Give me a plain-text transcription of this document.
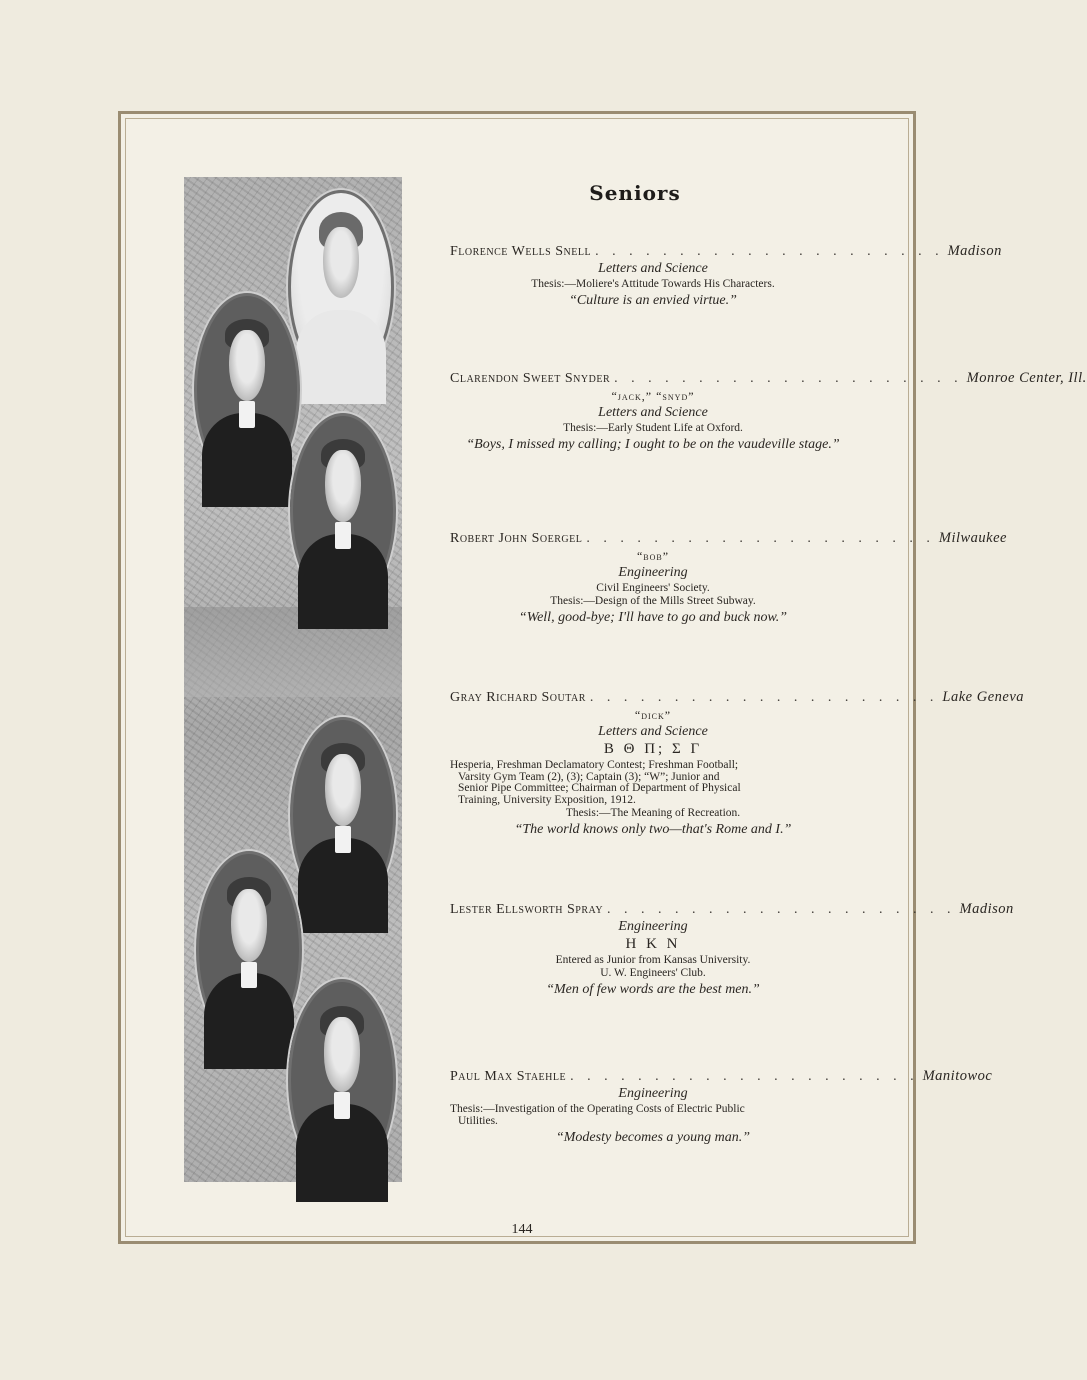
Seniors
Florence Wells Snell . . . . . . . . . . . . . . . . . . . . . Madison
Letters and Science
Thesis:—Moliere's Attitude Towards His Characters.
“Culture is an envied virtue.”
Clarendon Sweet Snyder . . . . . . . . . . . . . . . . . . . . . Monroe Center, Ill.
“jack,” “snyd”
Letters and Science
Thesis:—Early Student Life at Oxford.
“Boys, I missed my calling; I ought to be on the vaudeville stage.”
Robert John Soergel . . . . . . . . . . . . . . . . . . . . . Milwaukee
“bob”
Engineering
Civil Engineers' Society.
Thesis:—Design of the Mills Street Subway.
“Well, good-bye; I'll have to go and buck now.”
Gray Richard Soutar . . . . . . . . . . . . . . . . . . . . . Lake Geneva
“dick”
Letters and Science
Β Θ Π; Σ Γ
Hesperia, Freshman Declamatory Contest; Freshman Football;
Varsity Gym Team (2), (3); Captain (3); “W”; Junior and
Senior Pipe Committee; Chairman of Department of Physical
Training, University Exposition, 1912.
Thesis:—The Meaning of Recreation.
“The world knows only two—that's Rome and I.”
Lester Ellsworth Spray . . . . . . . . . . . . . . . . . . . . . Madison
Engineering
Η Κ Ν
Entered as Junior from Kansas University.
U. W. Engineers' Club.
“Men of few words are the best men.”
Paul Max Staehle . . . . . . . . . . . . . . . . . . . . . Manitowoc
Engineering
Thesis:—Investigation of the Operating Costs of Electric Public
Utilities.
“Modesty becomes a young man.”
144
